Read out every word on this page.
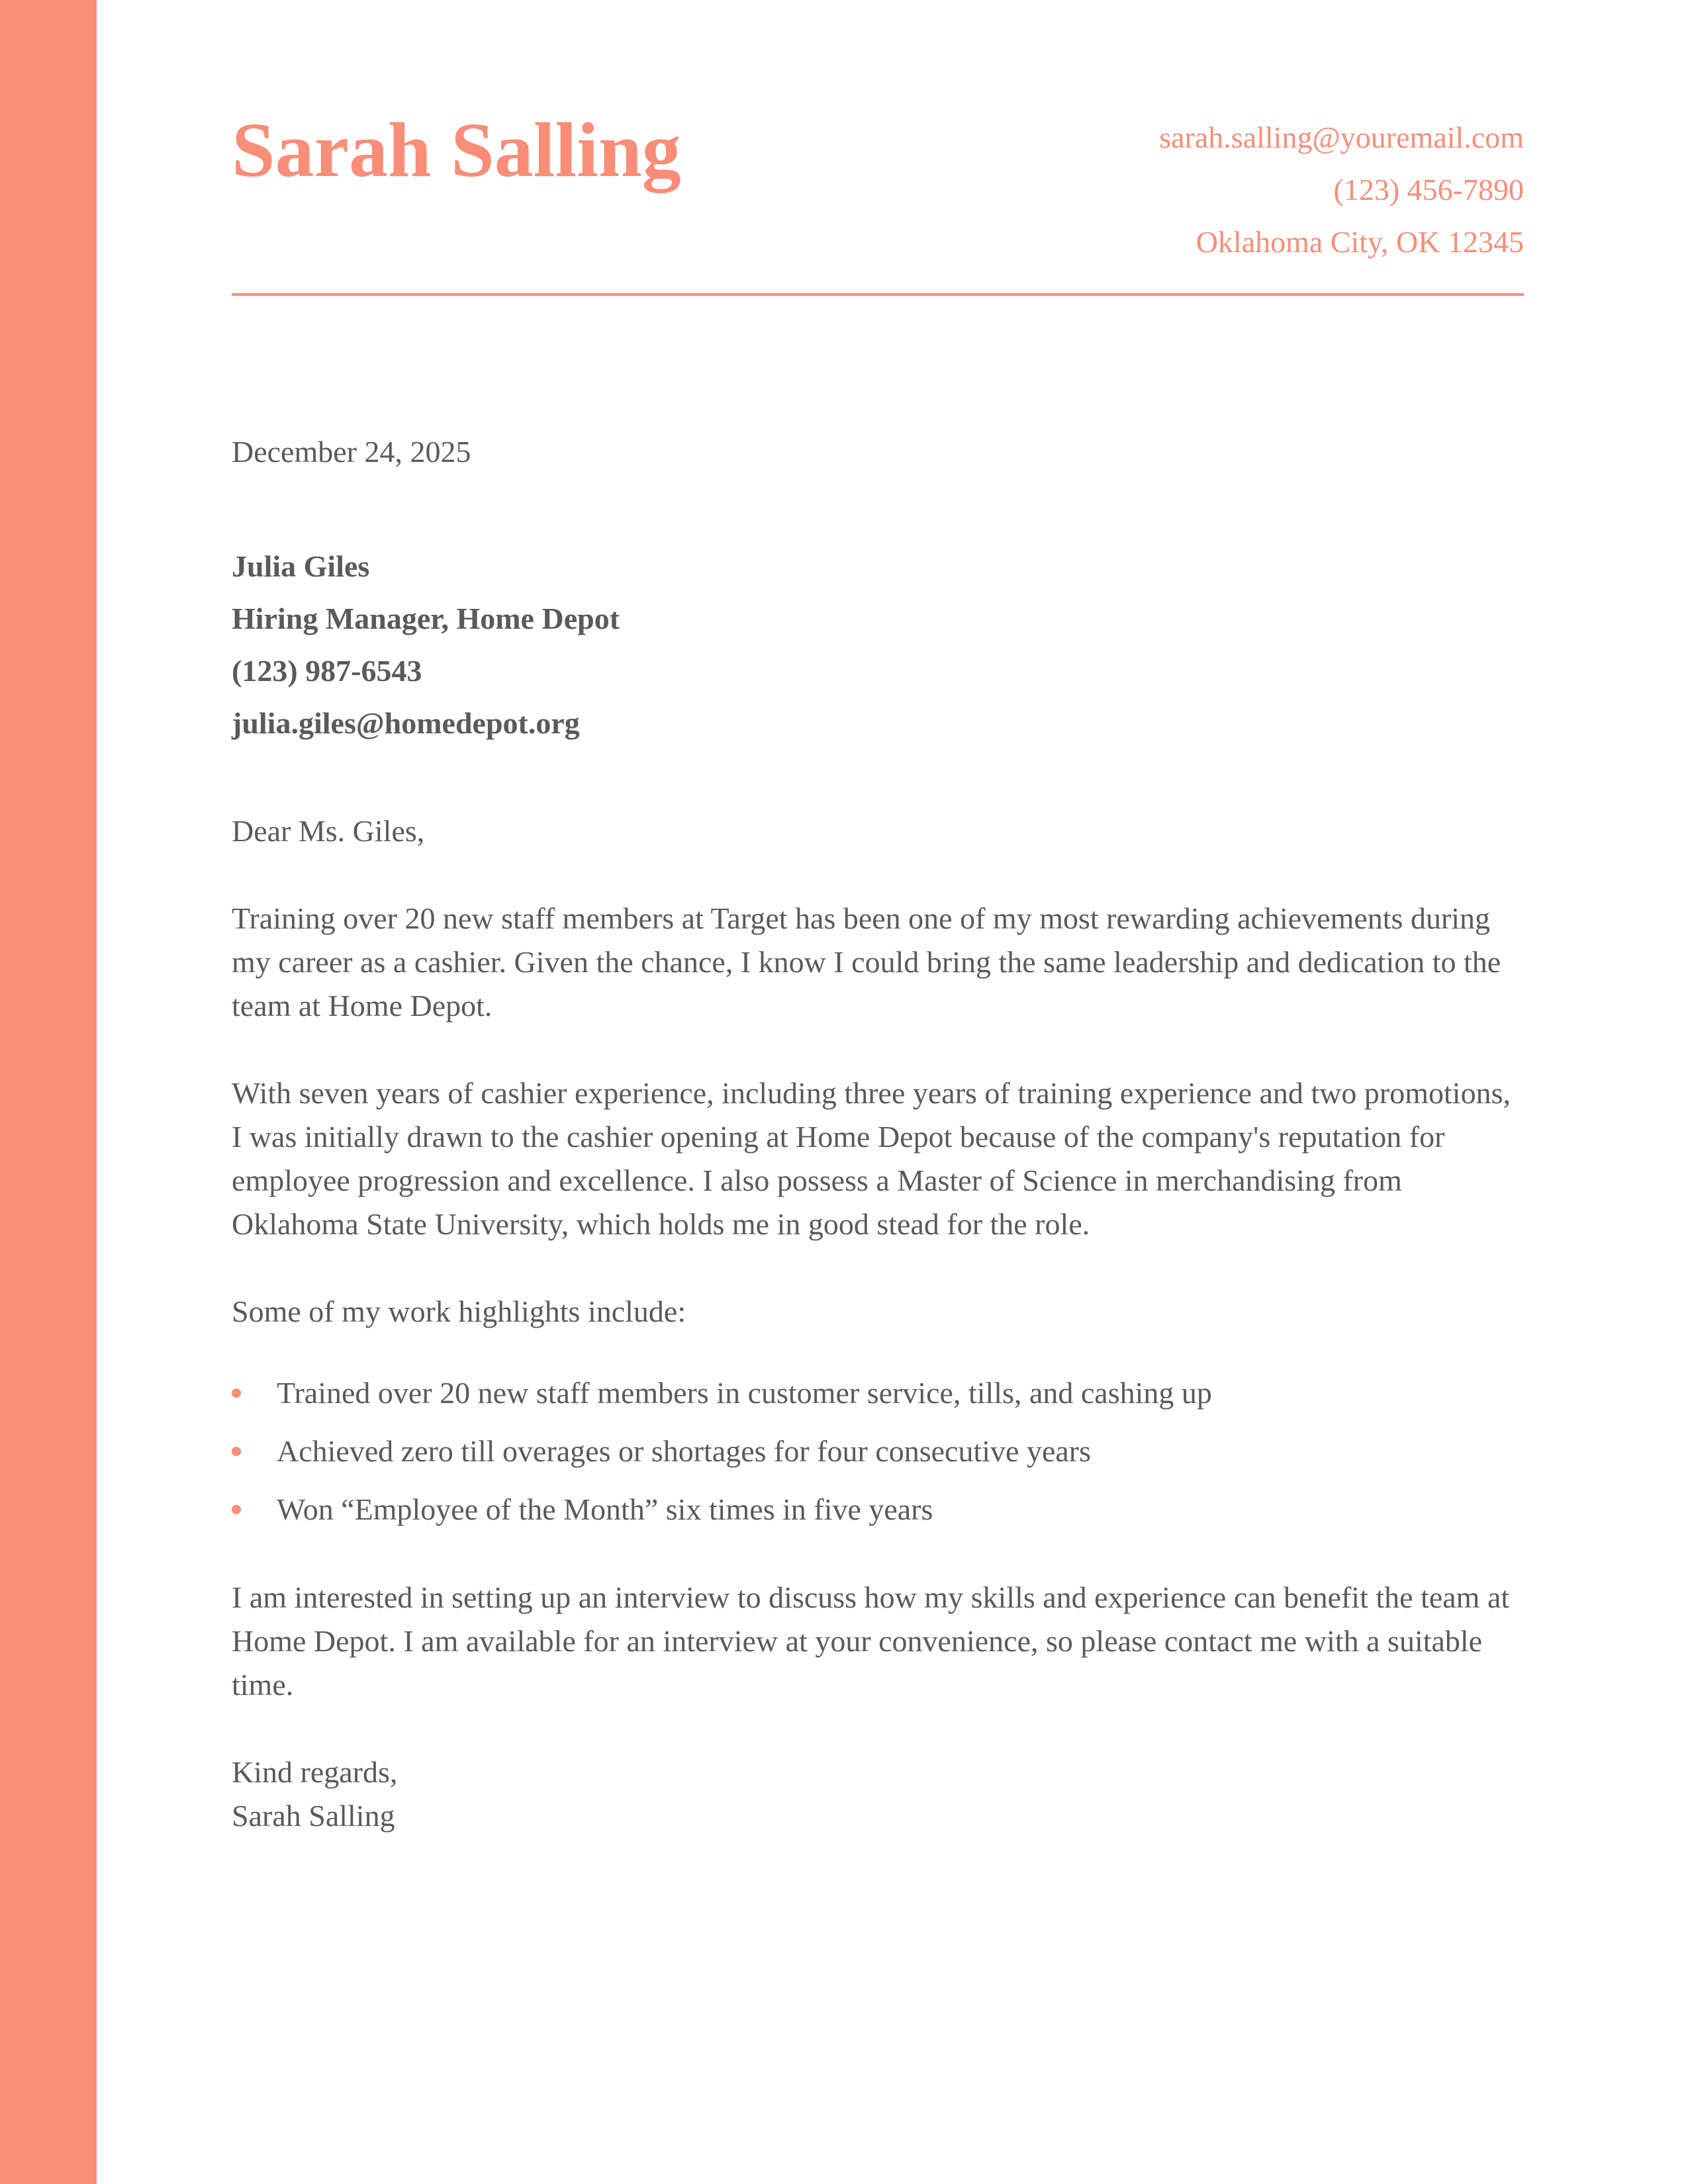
Sarah Salling	sarah.salling@youremail.com
(123) 456-7890
Oklahoma City, OK 12345
December 24, 2025
Julia Giles
Hiring Manager, Home Depot
(123) 987-6543
julia.giles@homedepot.org

Dear Ms. Giles,

Training over 20 new staff members at Target has been one of my most rewarding achievements during my career as a cashier. Given the chance, I know I could bring the same leadership and dedication to the team at Home Depot.

With seven years of cashier experience, including three years of training experience and two promotions, I was initially drawn to the cashier opening at Home Depot because of the company's reputation for employee progression and excellence. I also possess a Master of Science in merchandising from Oklahoma State University, which holds me in good stead for the role.

Some of my work highlights include:

Trained over 20 new staff members in customer service, tills, and cashing up
Achieved zero till overages or shortages for four consecutive years
Won “Employee of the Month” six times in five years

I am interested in setting up an interview to discuss how my skills and experience can benefit the team at Home Depot. I am available for an interview at your convenience, so please contact me with a suitable time.

Kind regards,
Sarah Salling
